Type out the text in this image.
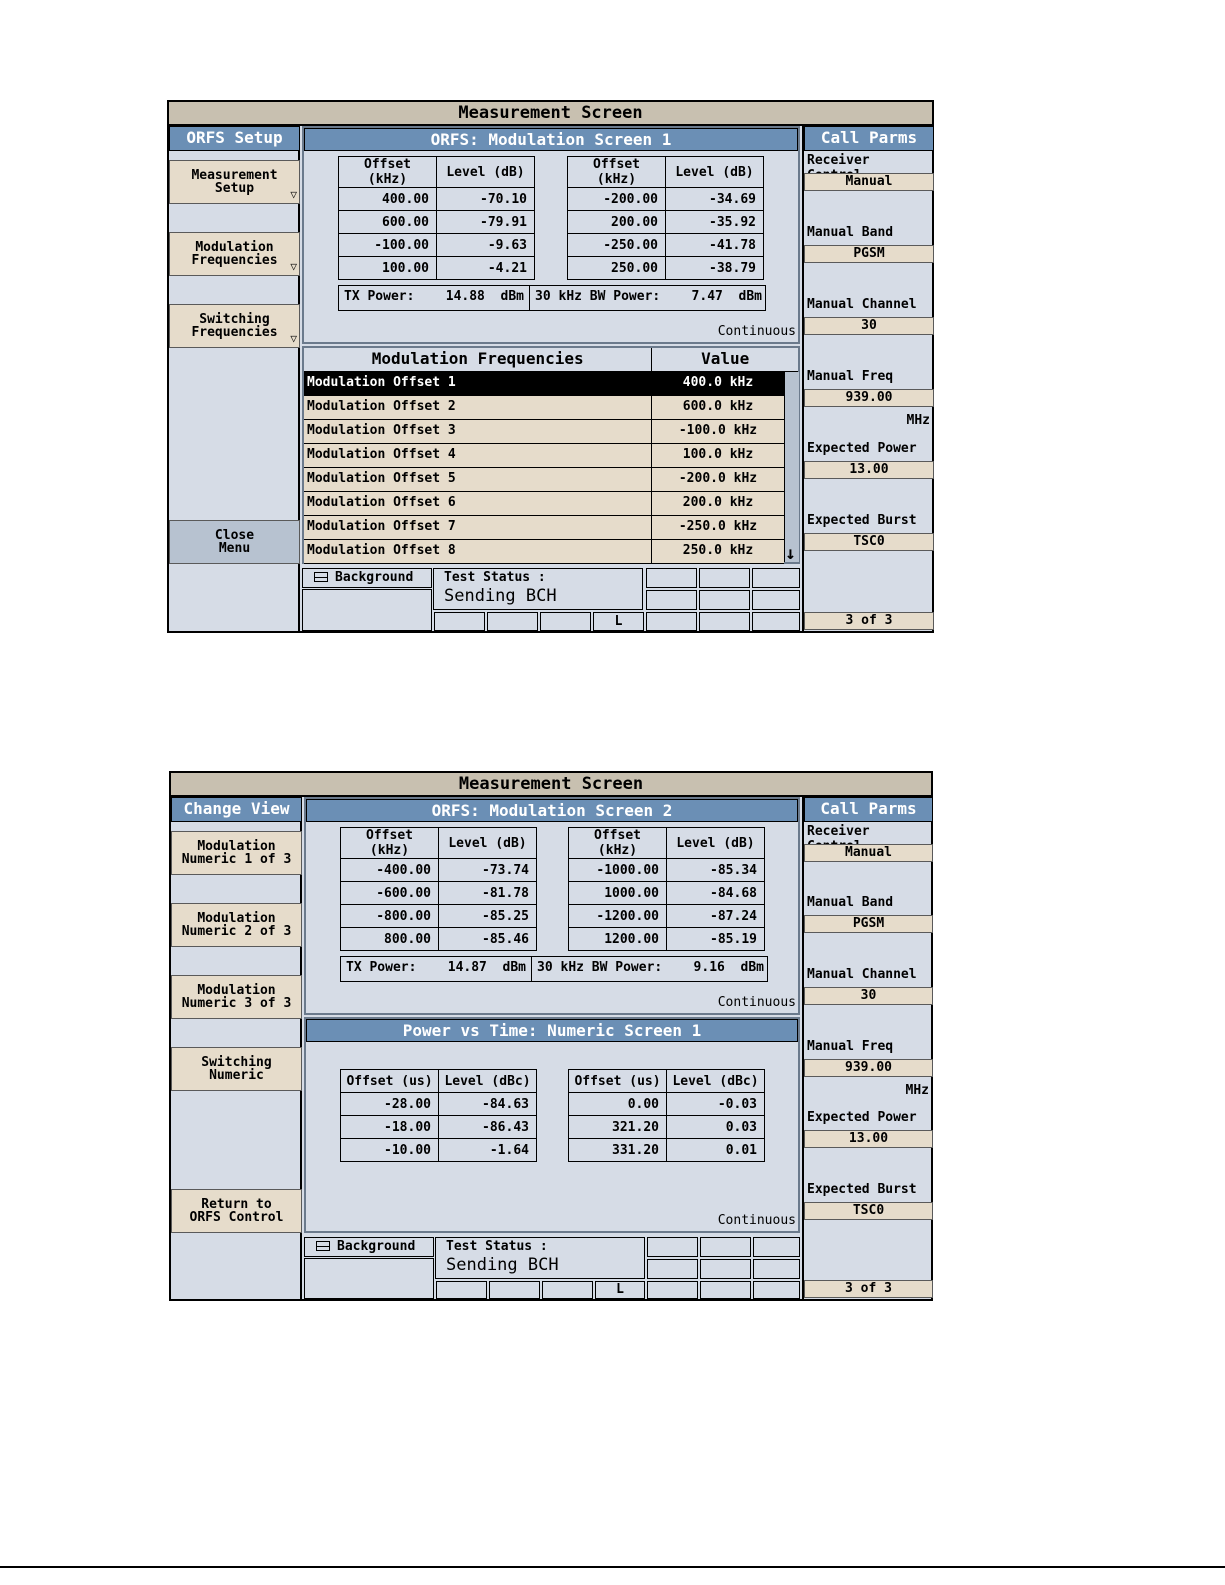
Measurement Screen
ORFS Setup
Measurement
Setup	▽
Modulation
Frequencies ▽
Switching
Frequencies ▽
Close
Menu
ORFS: Modulation Screen 1
Offset (kHz)	Level (dB)
400.00	-70.10
600.00	-79.91
-100.00	-9.63
100.00	-4.21
Offset (kHz)	Level (dB)
-200.00	-34.69
200.00	-35.92
-250.00	-41.78
250.00	-38.79
TX Power:    14.88  dBm 30 kHz BW Power:    7.47  dBm
Continuous
Modulation Frequencies	Value
Modulation Offset 1	400.0 kHz
Modulation Offset 2	600.0 kHz
Modulation Offset 3	-100.0 kHz
Modulation Offset 4	100.0 kHz
Modulation Offset 5	-200.0 kHz
Modulation Offset 6	200.0 kHz
Modulation Offset 7	-250.0 kHz
Modulation Offset 8	250.0 kHz	↓
Background	Test Status :
Sending BCH
L
Call Parms
Receiver
Manual
Manual Band
PGSM
Manual Channel
30
Manual Freq
939.00
MHz
Expected Power
13.00
Expected Burst
TSC0
3 of 3
Measurement Screen
Change View
Modulation
Numeric 1 of 3
Modulation
Numeric 2 of 3
Modulation
Numeric 3 of 3
Switching
Numeric
Return to
ORFS Control
ORFS: Modulation Screen 2
Offset (kHz)	Level (dB)
-400.00	-73.74
-600.00	-81.78
-800.00	-85.25
800.00	-85.46
Offset (kHz)	Level (dB)
-1000.00	-85.34
1000.00	-84.68
-1200.00	-87.24
1200.00	-85.19
TX Power:    14.87  dBm 30 kHz BW Power:    9.16  dBm
Continuous
Power vs Time: Numeric Screen 1
Offset (us)	Level (dBc)
-28.00	-84.63
-18.00	-86.43
-10.00	-1.64
Offset (us)	Level (dBc)
0.00	-0.03
321.20	0.03
331.20	0.01
Continuous
Background	Test Status :
Sending BCH
L
Call Parms
Receiver
Manual
Manual Band
PGSM
Manual Channel
30
Manual Freq
939.00
MHz
Expected Power
13.00
Expected Burst
TSC0
3 of 3
